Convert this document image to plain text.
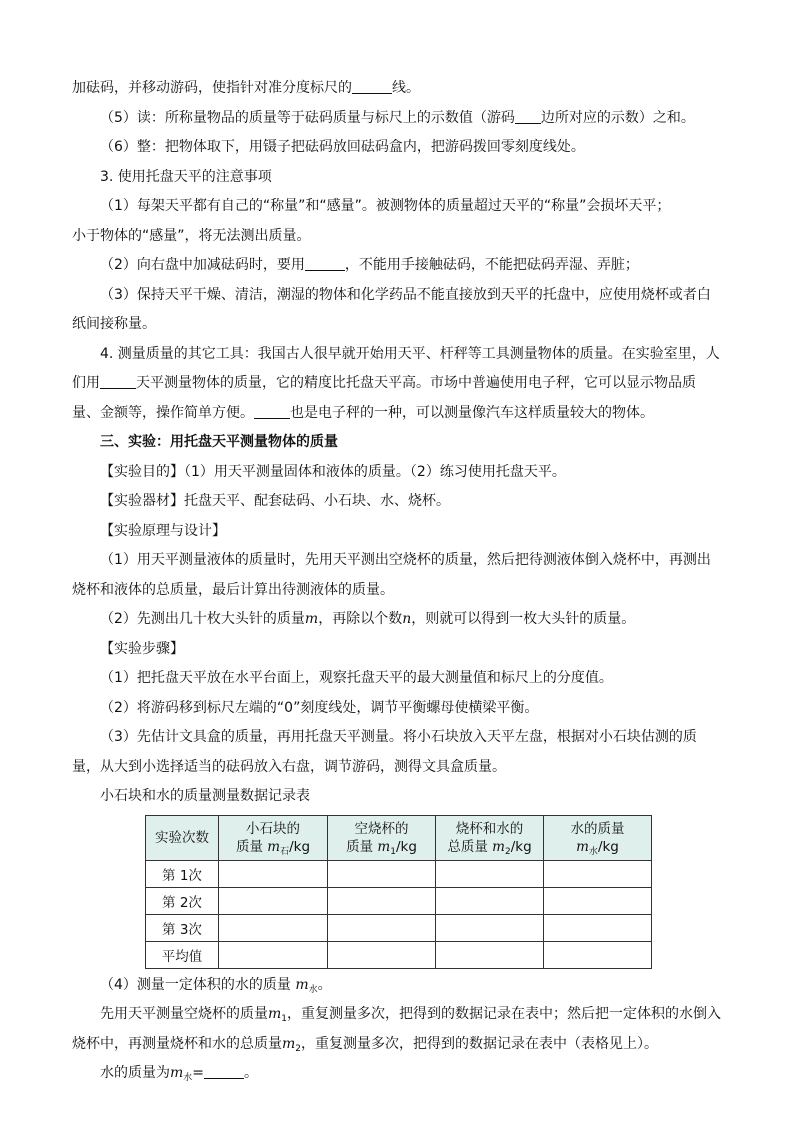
加砝码，并移动游码，使指针对准分度标尺的	线。
（5）读：所称量物品的质量等于砝码质量与标尺上的示数值（游码 边所对应的示数）之和。
（6）整：把物体取下，用镊子把砝码放回砝码盒内，把游码拨回零刻度线处。
3. 使用托盘天平的注意事项
（1）每架天平都有自己的“称量”和“感量”。被测物体的质量超过天平的“称量”会损坏天平；
小于物体的“感量”，将无法测出质量。
（2）向右盘中加减砝码时，要用	，不能用手接触砝码，不能把砝码弄湿、弄脏；
（3）保持天平干燥、清洁，潮湿的物体和化学药品不能直接放到天平的托盘中，应使用烧杯或者白
纸间接称量。
4. 测量质量的其它工具：我国古人很早就开始用天平、杆秤等工具测量物体的质量。在实验室里，人
们用	天平测量物体的质量，它的精度比托盘天平高。市场中普遍使用电子秤，它可以显示物品质
量、金额等，操作简单方便。	也是电子秤的一种，可以测量像汽车这样质量较大的物体。
三、实验：用托盘天平测量物体的质量
【实验目的】（1）用天平测量固体和液体的质量。（2）练习使用托盘天平。
【实验器材】托盘天平、配套砝码、小石块、水、烧杯。
【实验原理与设计】
（1）用天平测量液体的质量时，先用天平测出空烧杯的质量，然后把待测液体倒入烧杯中，再测出
烧杯和液体的总质量，最后计算出待测液体的质量。
（2）先测出几十枚大头针的质量m，再除以个数n，则就可以得到一枚大头针的质量。
【实验步骤】
（1）把托盘天平放在水平台面上，观察托盘天平的最大测量值和标尺上的分度值。
（2）将游码移到标尺左端的“0”刻度线处，调节平衡螺母使横梁平衡。
（3）先估计文具盒的质量，再用托盘天平测量。将小石块放入天平左盘，根据对小石块估测的质
量，从大到小选择适当的砝码放入右盘，调节游码，测得文具盒质量。
小石块和水的质量测量数据记录表
实验次数	小石块的
质量 $m_石/kg$	空烧杯的
质量 $m_1/kg$	烧杯和水的
总质量 $m_2/kg$	水的质量
$m_水/kg$
第 1次				
第 2次				
第 3次				
平均值				
（4）测量一定体积的水的质量 $m_水$。
先用天平测量空烧杯的质量$m_1$，重复测量多次，把得到的数据记录在表中；然后把一定体积的水倒入
烧杯中，再测量烧杯和水的总质量$m_2$，重复测量多次，把得到的数据记录在表中（表格见上）。
水的质量为$m_水=$	。
